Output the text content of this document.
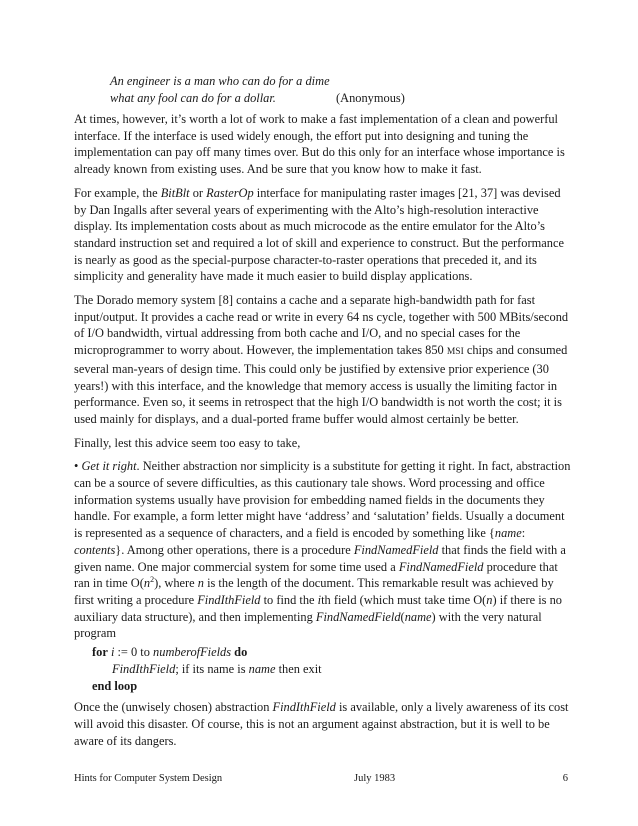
An engineer is a man who can do for a dime
what any fool can do for a dollar.	(Anonymous)

At times, however, it’s worth a lot of work to make a fast implementation of a clean and powerful interface. If the interface is used widely enough, the effort put into designing and tuning the implementation can pay off many times over. But do this only for an interface whose importance is already known from existing uses. And be sure that you know how to make it fast.

For example, the BitBlt or RasterOp interface for manipulating raster images [21, 37] was devised by Dan Ingalls after several years of experimenting with the Alto’s high-resolution interactive display. Its implementation costs about as much microcode as the entire emulator for the Alto’s standard instruction set and required a lot of skill and experience to construct. But the performance is nearly as good as the special-purpose character-to-raster operations that preceded it, and its simplicity and generality have made it much easier to build display applications.

The Dorado memory system [8] contains a cache and a separate high-bandwidth path for fast input/output. It provides a cache read or write in every 64 ns cycle, together with 500 MBits/second of I/O bandwidth, virtual addressing from both cache and I/O, and no special cases for the microprogrammer to worry about. However, the implementation takes 850 MSI chips and consumed several man-years of design time. This could only be justified by extensive prior experience (30 years!) with this interface, and the knowledge that memory access is usually the limiting factor in performance. Even so, it seems in retrospect that the high I/O bandwidth is not worth the cost; it is used mainly for displays, and a dual-ported frame buffer would almost certainly be better.

Finally, lest this advice seem too easy to take,

• Get it right. Neither abstraction nor simplicity is a substitute for getting it right. In fact, abstraction can be a source of severe difficulties, as this cautionary tale shows. Word processing and office information systems usually have provision for embedding named fields in the documents they handle. For example, a form letter might have ‘address’ and ‘salutation’ fields. Usually a document is represented as a sequence of characters, and a field is encoded by something like {name: contents}. Among other operations, there is a procedure FindNamedField that finds the field with a given name. One major commercial system for some time used a FindNamedField procedure that ran in time $O(n^2)$, where n is the length of the document. This remarkable result was achieved by first writing a procedure FindIthField to find the ith field (which must take time O(n) if there is no auxiliary data structure), and then implementing FindNamedField(name) with the very natural program

for i := 0 to numberofFields do
FindIthField; if its name is name then exit
end loop

Once the (unwisely chosen) abstraction FindIthField is available, only a lively awareness of its cost will avoid this disaster. Of course, this is not an argument against abstraction, but it is well to be aware of its dangers.

Hints for Computer System Design	July 1983	6
